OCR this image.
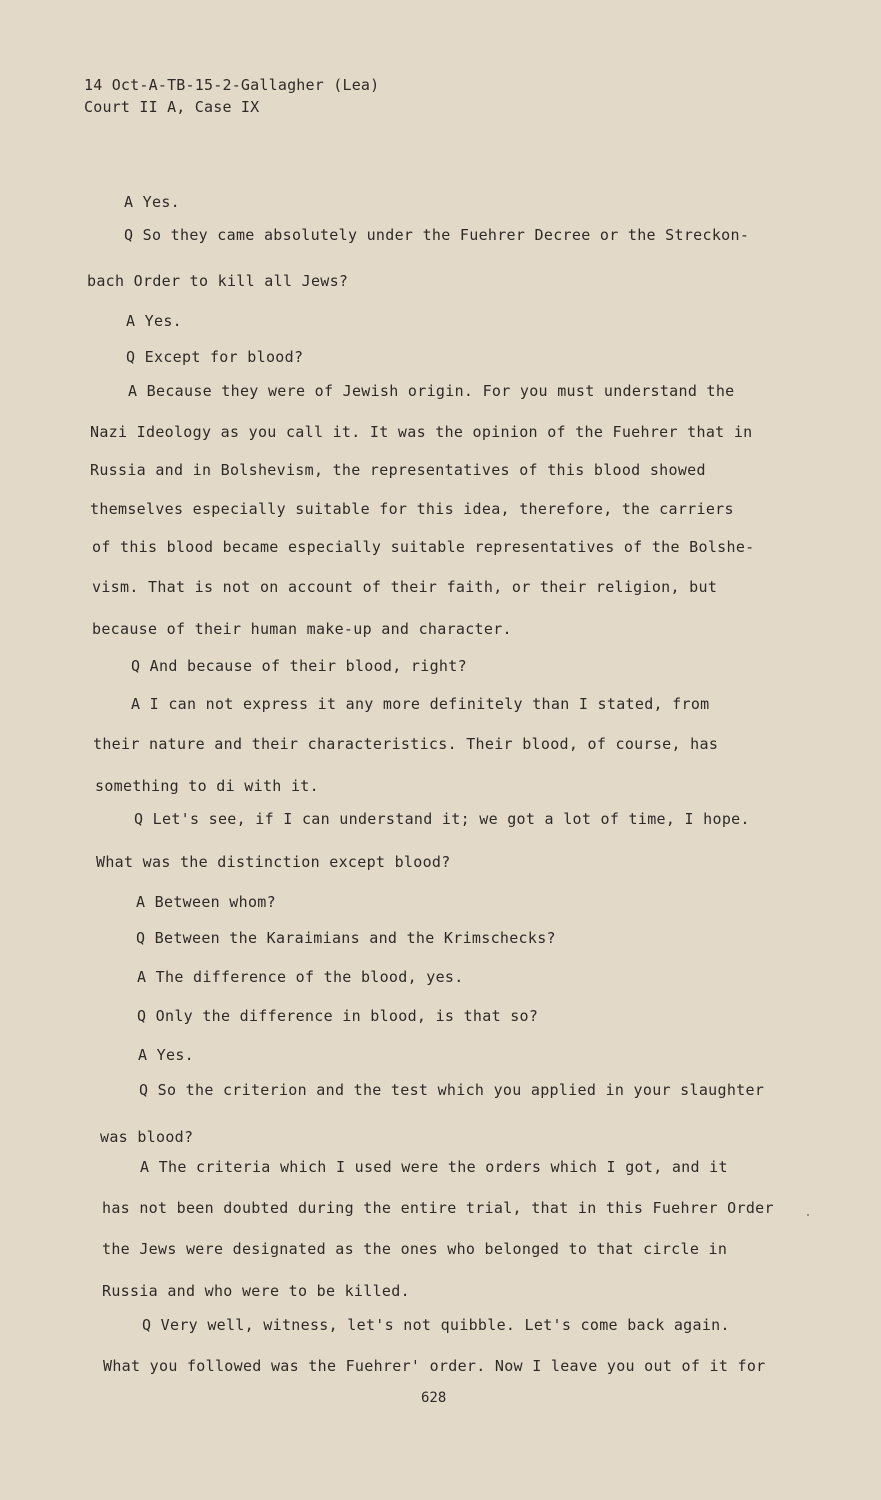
14 Oct-A-TB-15-2-Gallagher (Lea)
Court II A, Case IX
A Yes.
Q So they came absolutely under the Fuehrer Decree or the Streckon-
bach Order to kill all Jews?
A Yes.
Q Except for blood?
A Because they were of Jewish origin. For you must understand the
Nazi Ideology as you call it. It was the opinion of the Fuehrer that in
Russia and in Bolshevism, the representatives of this blood showed
themselves especially suitable for this idea, therefore, the carriers
of this blood became especially suitable representatives of the Bolshe-
vism. That is not on account of their faith, or their religion, but
because of their human make-up and character.
Q And because of their blood, right?
A I can not express it any more definitely than I stated, from
their nature and their characteristics. Their blood, of course, has
something to di with it.
Q Let's see, if I can understand it; we got a lot of time, I hope.
What was the distinction except blood?
A Between whom?
Q Between the Karaimians and the Krimschecks?
A The difference of the blood, yes.
Q Only the difference in blood, is that so?
A Yes.
Q So the criterion and the test which you applied in your slaughter
was blood?
A The criteria which I used were the orders which I got, and it
has not been doubted during the entire trial, that in this Fuehrer Order
the Jews were designated as the ones who belonged to that circle in
Russia and who were to be killed.
Q Very well, witness, let's not quibble. Let's come back again.
What you followed was the Fuehrer' order. Now I leave you out of it for
628
